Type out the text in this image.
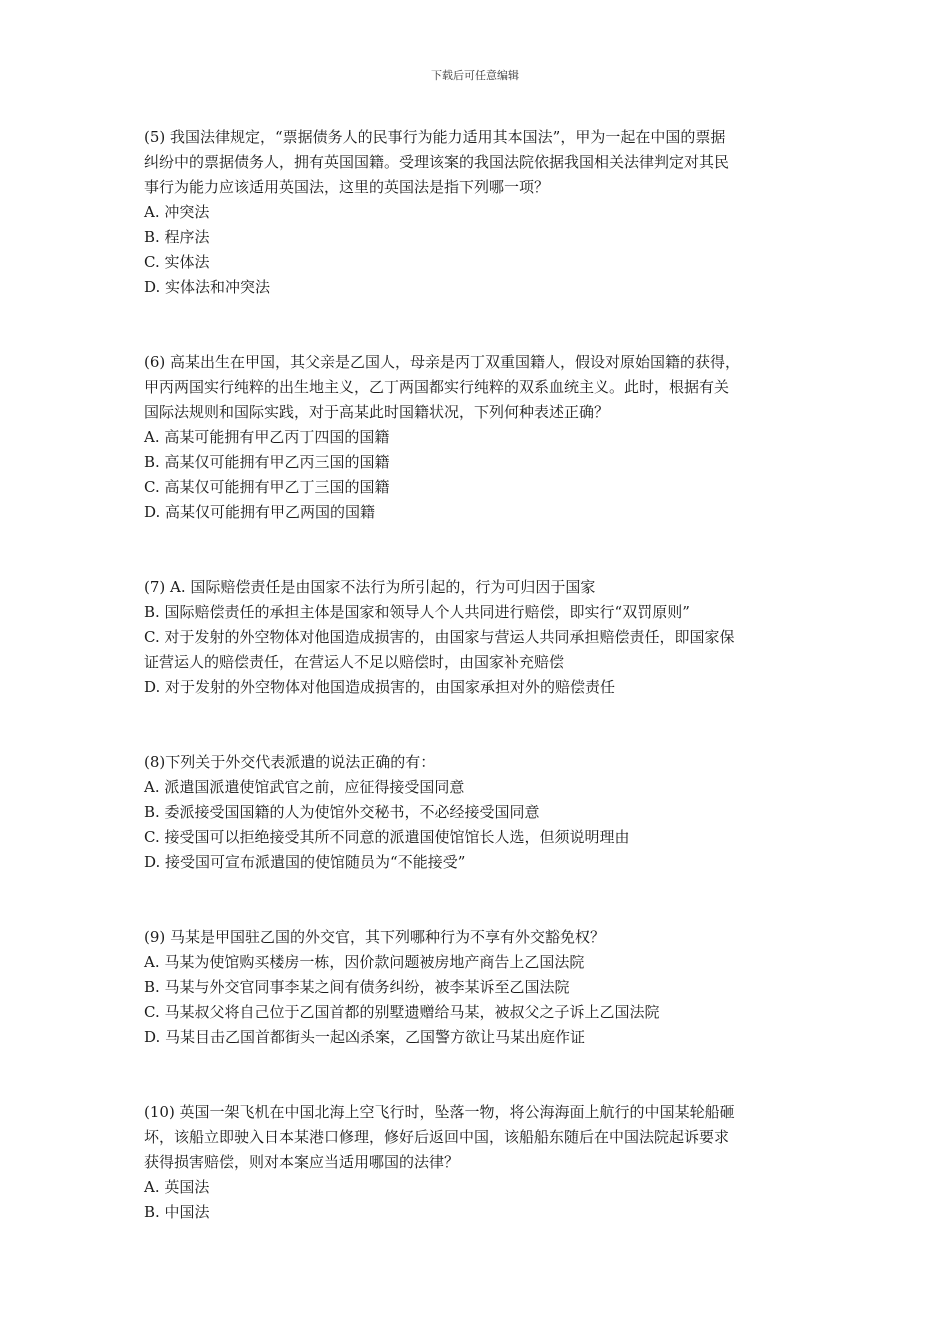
下载后可任意编辑
(5) 我国法律规定，“票据债务人的民事行为能力适用其本国法”，甲为一起在中国的票据
纠纷中的票据债务人，拥有英国国籍。受理该案的我国法院依据我国相关法律判定对其民
事行为能力应该适用英国法，这里的英国法是指下列哪一项？
A. 冲突法
B. 程序法
C. 实体法
D. 实体法和冲突法
(6) 高某出生在甲国，其父亲是乙国人，母亲是丙丁双重国籍人，假设对原始国籍的获得，
甲丙两国实行纯粹的出生地主义，乙丁两国都实行纯粹的双系血统主义。此时，根据有关
国际法规则和国际实践，对于高某此时国籍状况，下列何种表述正确？
A. 高某可能拥有甲乙丙丁四国的国籍
B. 高某仅可能拥有甲乙丙三国的国籍
C. 高某仅可能拥有甲乙丁三国的国籍
D. 高某仅可能拥有甲乙两国的国籍
(7) A. 国际赔偿责任是由国家不法行为所引起的，行为可归因于国家
B. 国际赔偿责任的承担主体是国家和领导人个人共同进行赔偿，即实行“双罚原则”
C. 对于发射的外空物体对他国造成损害的，由国家与营运人共同承担赔偿责任，即国家保
证营运人的赔偿责任，在营运人不足以赔偿时，由国家补充赔偿
D. 对于发射的外空物体对他国造成损害的，由国家承担对外的赔偿责任
(8)下列关于外交代表派遣的说法正确的有：
A. 派遣国派遣使馆武官之前，应征得接受国同意
B. 委派接受国国籍的人为使馆外交秘书，不必经接受国同意
C. 接受国可以拒绝接受其所不同意的派遣国使馆馆长人选，但须说明理由
D. 接受国可宣布派遣国的使馆随员为“不能接受”
(9) 马某是甲国驻乙国的外交官，其下列哪种行为不享有外交豁免权？
A. 马某为使馆购买楼房一栋，因价款问题被房地产商告上乙国法院
B. 马某与外交官同事李某之间有债务纠纷，被李某诉至乙国法院
C. 马某叔父将自己位于乙国首都的别墅遗赠给马某，被叔父之子诉上乙国法院
D. 马某目击乙国首都街头一起凶杀案，乙国警方欲让马某出庭作证
(10) 英国一架飞机在中国北海上空飞行时，坠落一物，将公海海面上航行的中国某轮船砸
坏，该船立即驶入日本某港口修理，修好后返回中国，该船船东随后在中国法院起诉要求
获得损害赔偿，则对本案应当适用哪国的法律？
A. 英国法
B. 中国法
